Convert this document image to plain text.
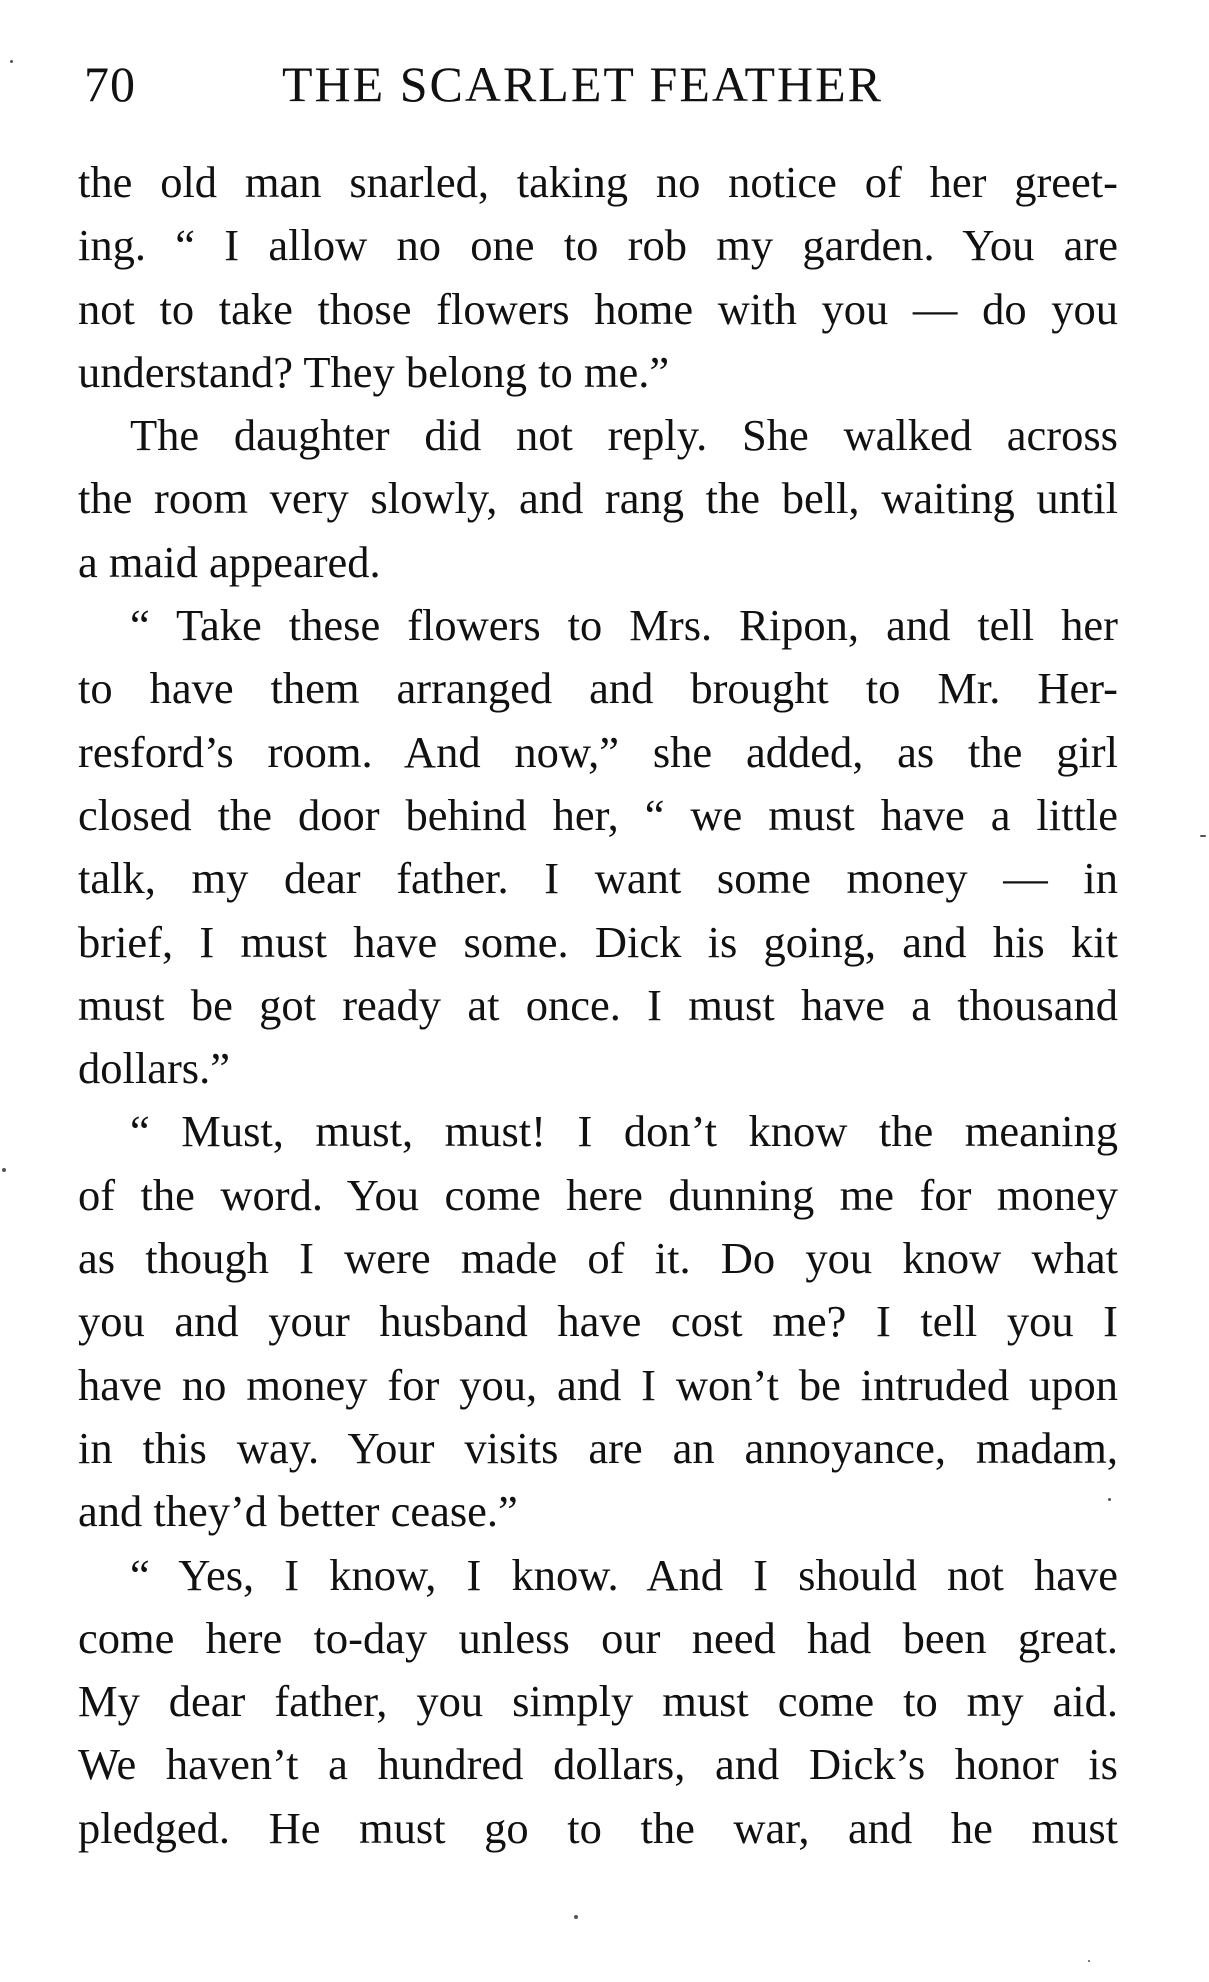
70	THE SCARLET FEATHER
the old man snarled, taking no notice of her greet-
ing. “ I allow no one to rob my garden. You are
not to take those flowers home with you — do you
understand? They belong to me.”
The daughter did not reply. She walked across
the room very slowly, and rang the bell, waiting until
a maid appeared.
“ Take these flowers to Mrs. Ripon, and tell her
to have them arranged and brought to Mr. Her-
resford’s room. And now,” she added, as the girl
closed the door behind her, “ we must have a little
talk, my dear father. I want some money — in
brief, I must have some. Dick is going, and his kit
must be got ready at once. I must have a thousand
dollars.”
“ Must, must, must! I don’t know the meaning
of the word. You come here dunning me for money
as though I were made of it. Do you know what
you and your husband have cost me? I tell you I
have no money for you, and I won’t be intruded upon
in this way. Your visits are an annoyance, madam,
and they’d better cease.”
“ Yes, I know, I know. And I should not have
come here to-day unless our need had been great.
My dear father, you simply must come to my aid.
We haven’t a hundred dollars, and Dick’s honor is
pledged. He must go to the war, and he must
